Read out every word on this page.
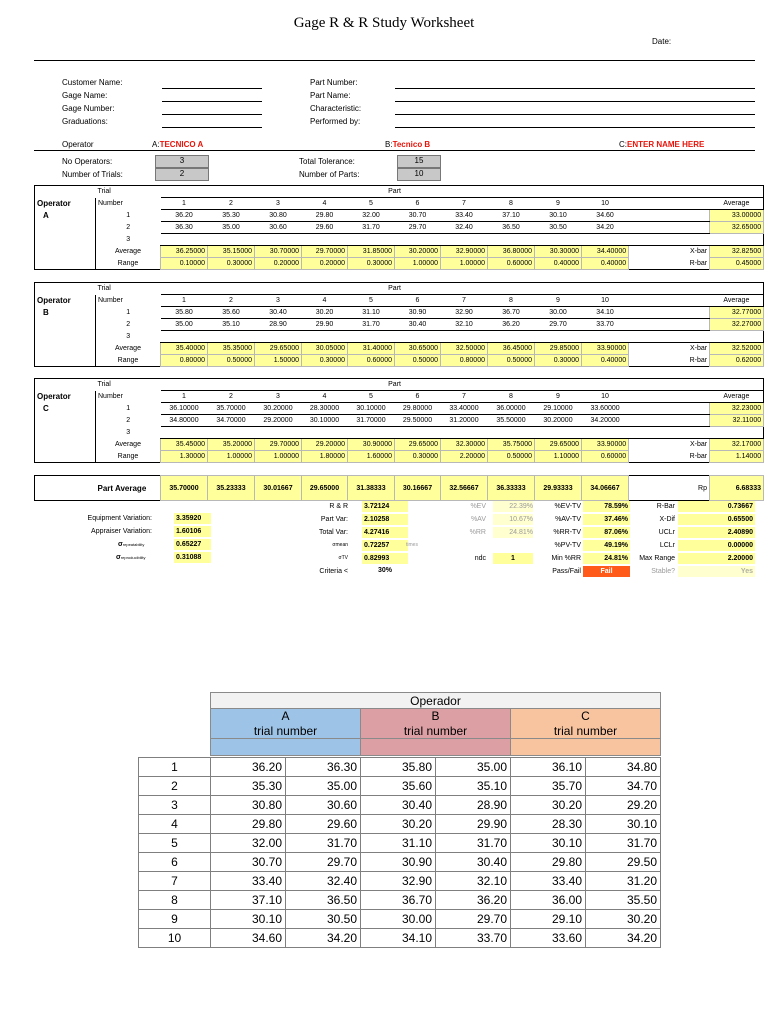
Gage R & R Study Worksheet
Date:
Customer Name:
Gage Name:
Gage Number:
Graduations:
Part Number:
Part Name:
Characteristic:
Performed by:
Operator	A:TECNICO A	B:Tecnico B	C:ENTER NAME HERE
No Operators:	3
Number of Trials:	2
Total Tolerance:	15
Number of Parts:	10
	Trial	Part												
Operator	Number	1	2	3	4	5	6	7	8	9	10			Average
A	1	36.20	35.30	30.80	29.80	32.00	30.70	33.40	37.10	30.10	34.60			33.00000
	2	36.30	35.00	30.60	29.60	31.70	29.70	32.40	36.50	30.50	34.20			32.65000
	3													
	Average	36.25000	35.15000	30.70000	29.70000	31.85000	30.20000	32.90000	36.80000	30.30000	34.40000		X-bar	32.82500
	Range	0.10000	0.30000	0.20000	0.20000	0.30000	1.00000	1.00000	0.60000	0.40000	0.40000		R-bar	0.45000
	Trial	Part												
Operator	Number	1	2	3	4	5	6	7	8	9	10			Average
B	1	35.80	35.60	30.40	30.20	31.10	30.90	32.90	36.70	30.00	34.10			32.77000
	2	35.00	35.10	28.90	29.90	31.70	30.40	32.10	36.20	29.70	33.70			32.27000
	3													
	Average	35.40000	35.35000	29.65000	30.05000	31.40000	30.65000	32.50000	36.45000	29.85000	33.90000		X-bar	32.52000
	Range	0.80000	0.50000	1.50000	0.30000	0.60000	0.50000	0.80000	0.50000	0.30000	0.40000		R-bar	0.62000
	Trial	Part												
Operator	Number	1	2	3	4	5	6	7	8	9	10			Average
C	1	36.10000	35.70000	30.20000	28.30000	30.10000	29.80000	33.40000	36.00000	29.10000	33.60000			32.23000
	2	34.80000	34.70000	29.20000	30.10000	31.70000	29.50000	31.20000	35.50000	30.20000	34.20000			32.11000
	3													
	Average	35.45000	35.20000	29.70000	29.20000	30.90000	29.65000	32.30000	35.75000	29.65000	33.90000		X-bar	32.17000
	Range	1.30000	1.00000	1.00000	1.80000	1.60000	0.30000	2.20000	0.50000	1.10000	0.60000		R-bar	1.14000
	Part Average	35.70000	35.23333	30.01667	29.65000	31.38333	30.16667	32.56667	36.33333	29.93333	34.06667		Rp	6.68333
Equipment Variation:	3.35920
Appraiser Variation:	1.60106
σrepeatability	0.65227
σreproducibility	0.31088
R & R 3.72124
Part Var: 2.10258
Total Var: 4.27416
σmean 0.72257	times
σTV 0.82993
Criteria <	30%
%EV	22.39%
%AV	10.67%
%RR	24.81%
ndc	1
%EV-TV	78.59%
%AV-TV	37.46%
%RR-TV	87.06%
%PV-TV	49.19%
Min %RR	24.81%
Pass/Fail	Fail
R-Bar	0.73667
X-Dif	0.65500
UCLr	2.40890
LCLr	0.00000
Max Range	2.20000
Stable?	Yes
Operador		
A	B	C
trial number	trial number	trial number

1	36.20	36.30	35.80	35.00	36.10	34.80
2	35.30	35.00	35.60	35.10	35.70	34.70
3	30.80	30.60	30.40	28.90	30.20	29.20
4	29.80	29.60	30.20	29.90	28.30	30.10
5	32.00	31.70	31.10	31.70	30.10	31.70
6	30.70	29.70	30.90	30.40	29.80	29.50
7	33.40	32.40	32.90	32.10	33.40	31.20
8	37.10	36.50	36.70	36.20	36.00	35.50
9	30.10	30.50	30.00	29.70	29.10	30.20
10	34.60	34.20	34.10	33.70	33.60	34.20
